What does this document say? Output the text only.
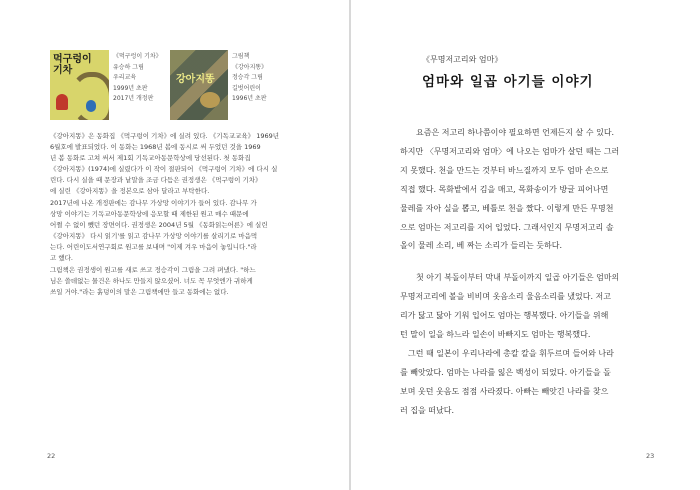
먹구렁이
기차
《먹구렁이 기차》
유승하 그림
우리교육
1999년 초판
2017년 개정판
강아지똥
그림책
《강아지똥》
정승각 그림
길벗어린이
1996년 초판

《강아지똥》은 동화집 《먹구렁이 기차》에 실려 있다. 《기독교교육》 1969년
6월호에 발표되었다. 이 동화는 1968년 봄에 동시로 써 두었던 것을 1969
년 봄 동화로 고쳐 써서 제1회 기독교아동문학상에 당선된다. 첫 동화집
《강아지똥》(1974)에 실렸다가 이 작이 절판되어 《먹구렁이 기차》에 다시 실
린다. 다시 실을 때 문장과 낱말을 조금 다듬은 권정생은 《먹구렁이 기차》
에 실린 《강아지똥》을 정본으로 삼아 달라고 부탁한다.

2017년에 나온 개정판에는 감나무 가상망 이야기가 들어 있다. 감나무 가
상망 이야기는 기독교아동문학상에 응모할 때 제한된 원고 매수 때문에
어쩔 수 없이 뺐던 장면이다. 권정생은 2004년 5월 《동화읽는어른》에 실린
《강아지똥》 다시 읽기'를 읽고 감나무 가상망 이야기를 살리기로 마음먹
는다. 어린이도서연구회로 원고를 보내며 "이제 겨우 마음이 놓입니다."라
고 했다.

그림책은 권정생이 원고를 새로 쓰고 정승각이 그림을 그려 펴냈다. "하느
님은 쓸데없는 물건은 하나도 만들지 않으셨어. 너도 꼭 무엇엔가 귀하게
쓰일 거야."라는 흙덩이의 말은 그림책에만 들고 동화에는 없다.

22
《무명저고리와 엄마》
엄마와 일곱 아기들 이야기
요즘은 저고리 하나쯤이야 필요하면 언제든지 살 수 있다.
하지만 〈무명저고리와 엄마〉에 나오는 엄마가 살던 때는 그러
지 못했다. 천을 만드는 것부터 바느질까지 모두 엄마 손으로
직접 했다. 목화밭에서 김을 매고, 목화송이가 방글 피어나면
물레를 자아 실을 뽑고, 베틀로 천을 짰다. 이렇게 만든 무명천
으로 엄마는 저고리를 지어 입었다. 그래서인지 무명저고리 솔
올이 물레 소리, 베 짜는 소리가 들리는 듯하다.
첫 아기 복돌이부터 막내 부돌이까지 일곱 아기들은 엄마의
무명저고리에 볼을 비비며 옷음소리 울음소리를 냈었다. 저고
리가 닳고 닳아 기워 입어도 엄마는 행복했다. 아기들을 위해
턴 말이 일을 하느라 일손이 바빠지도 엄마는 행복했다.
그런 때 일본이 우리나라에 총칼 칼을 휘두르며 들어와 나라
를 빼앗았다. 엄마는 나라를 잃은 백성이 되었다. 아기들을 돌
보며 웃던 웃음도 점점 사라졌다. 아빠는 빼앗긴 나라를 찾으
러 집을 떠났다.
23
